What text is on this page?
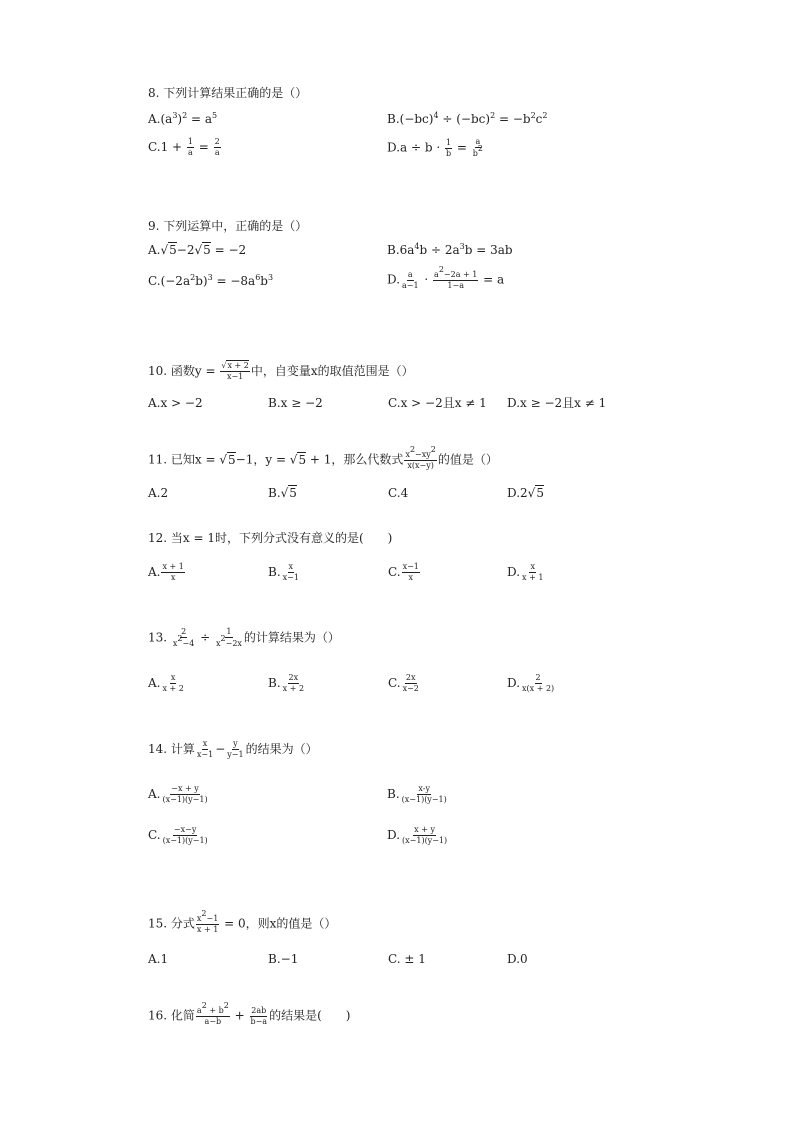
8. 下列计算结果正确的是（）
$A.(a^3)^2 = a^5$	$B.(-bc)^4 \div (-bc)^2 = -b^2c^2$
$C.1 + \frac{1}{a} = \frac{2}{a}$	$D.a \div b \cdot \frac{1}{b} = \frac{a}{b^2}$
9. 下列运算中，正确的是（）
A.√5−2√5 = −2	$B.6a^4b \div 2a^3b = 3ab$
$C.(-2a^2b)^3 = -8a^6b^3$	D. $\frac{a}{a-1} \cdot \frac{a^2-2a + 1}{1-a} = a$
10. 函数$y = \frac{√x + 2}{x-1}$ 中，自变量x的取值范围是（）
A.x > −2	B.x ≥ −2	C.x > −2且x ≠ 1 D.x ≥ −2且x ≠ 1
11. 已知x = √5−1，y = √5 + 1，那么代数式 $\frac{x^2-xy^2}{x(x-y)}$ 的值是（）
A.2	B.√5	C.4	D.2√5
12. 当x = 1时，下列分式没有意义的是(　　)
A. $\frac{x + 1}{x}$	B. $\frac{x}{x-1}$	C. $\frac{x-1}{x}$	D. $\frac{x}{x + 1}$
13. $\frac{2}{x^2-4} \div \frac{1}{x^2-2x}$ 的计算结果为（）
A. $\frac{x}{x + 2}$	B. $\frac{2x}{x + 2}$	C. $\frac{2x}{x-2}$	D. $\frac{2}{x(x + 2)}$
14. 计算 $\frac{x}{x-1} - \frac{y}{y-1}$ 的结果为（）
A. $\frac{-x + y}{(x-1)(y-1)}$	B. $\frac{x-y}{(x-1)(y-1)}$
C. $\frac{-x-y}{(x-1)(y-1)}$	D. $\frac{x + y}{(x-1)(y-1)}$
15. 分式 $\frac{x^2-1}{x + 1} = 0$，则x的值是（）
A.1	B.−1	C. ± 1	D.0
16. 化简 $\frac{a^2 + b^2}{a-b} + \frac{2ab}{b-a}$ 的结果是(　　)
